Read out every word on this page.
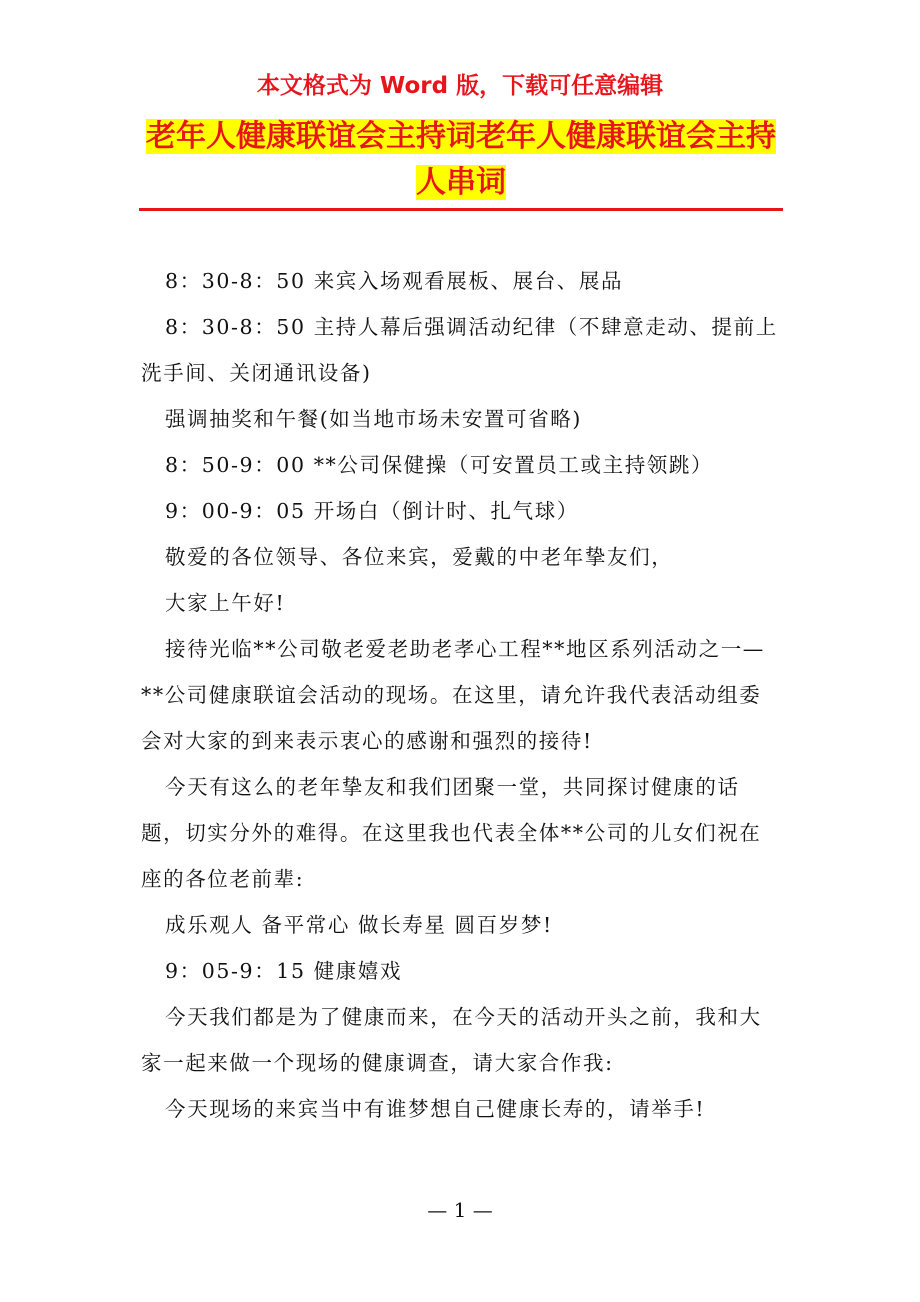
本文格式为 Word 版，下载可任意编辑
老年人健康联谊会主持词老年人健康联谊会主持人串词

8：30-8：50 来宾入场观看展板、展台、展品

8：30-8：50 主持人幕后强调活动纪律（不肆意走动、提前上洗手间、关闭通讯设备)

强调抽奖和午餐(如当地市场未安置可省略)

8：50-9：00 **公司保健操（可安置员工或主持领跳）

9：00-9：05 开场白（倒计时、扎气球）

敬爱的各位领导、各位来宾，爱戴的中老年挚友们，

大家上午好!

接待光临**公司敬老爱老助老孝心工程**地区系列活动之一—**公司健康联谊会活动的现场。在这里，请允许我代表活动组委会对大家的到来表示衷心的感谢和强烈的接待!

今天有这么的老年挚友和我们团聚一堂，共同探讨健康的话题，切实分外的难得。在这里我也代表全体**公司的儿女们祝在座的各位老前辈:

成乐观人 备平常心 做长寿星 圆百岁梦!

9：05-9：15 健康嬉戏

今天我们都是为了健康而来，在今天的活动开头之前，我和大家一起来做一个现场的健康调查，请大家合作我:

今天现场的来宾当中有谁梦想自己健康长寿的，请举手!

— 1 —
